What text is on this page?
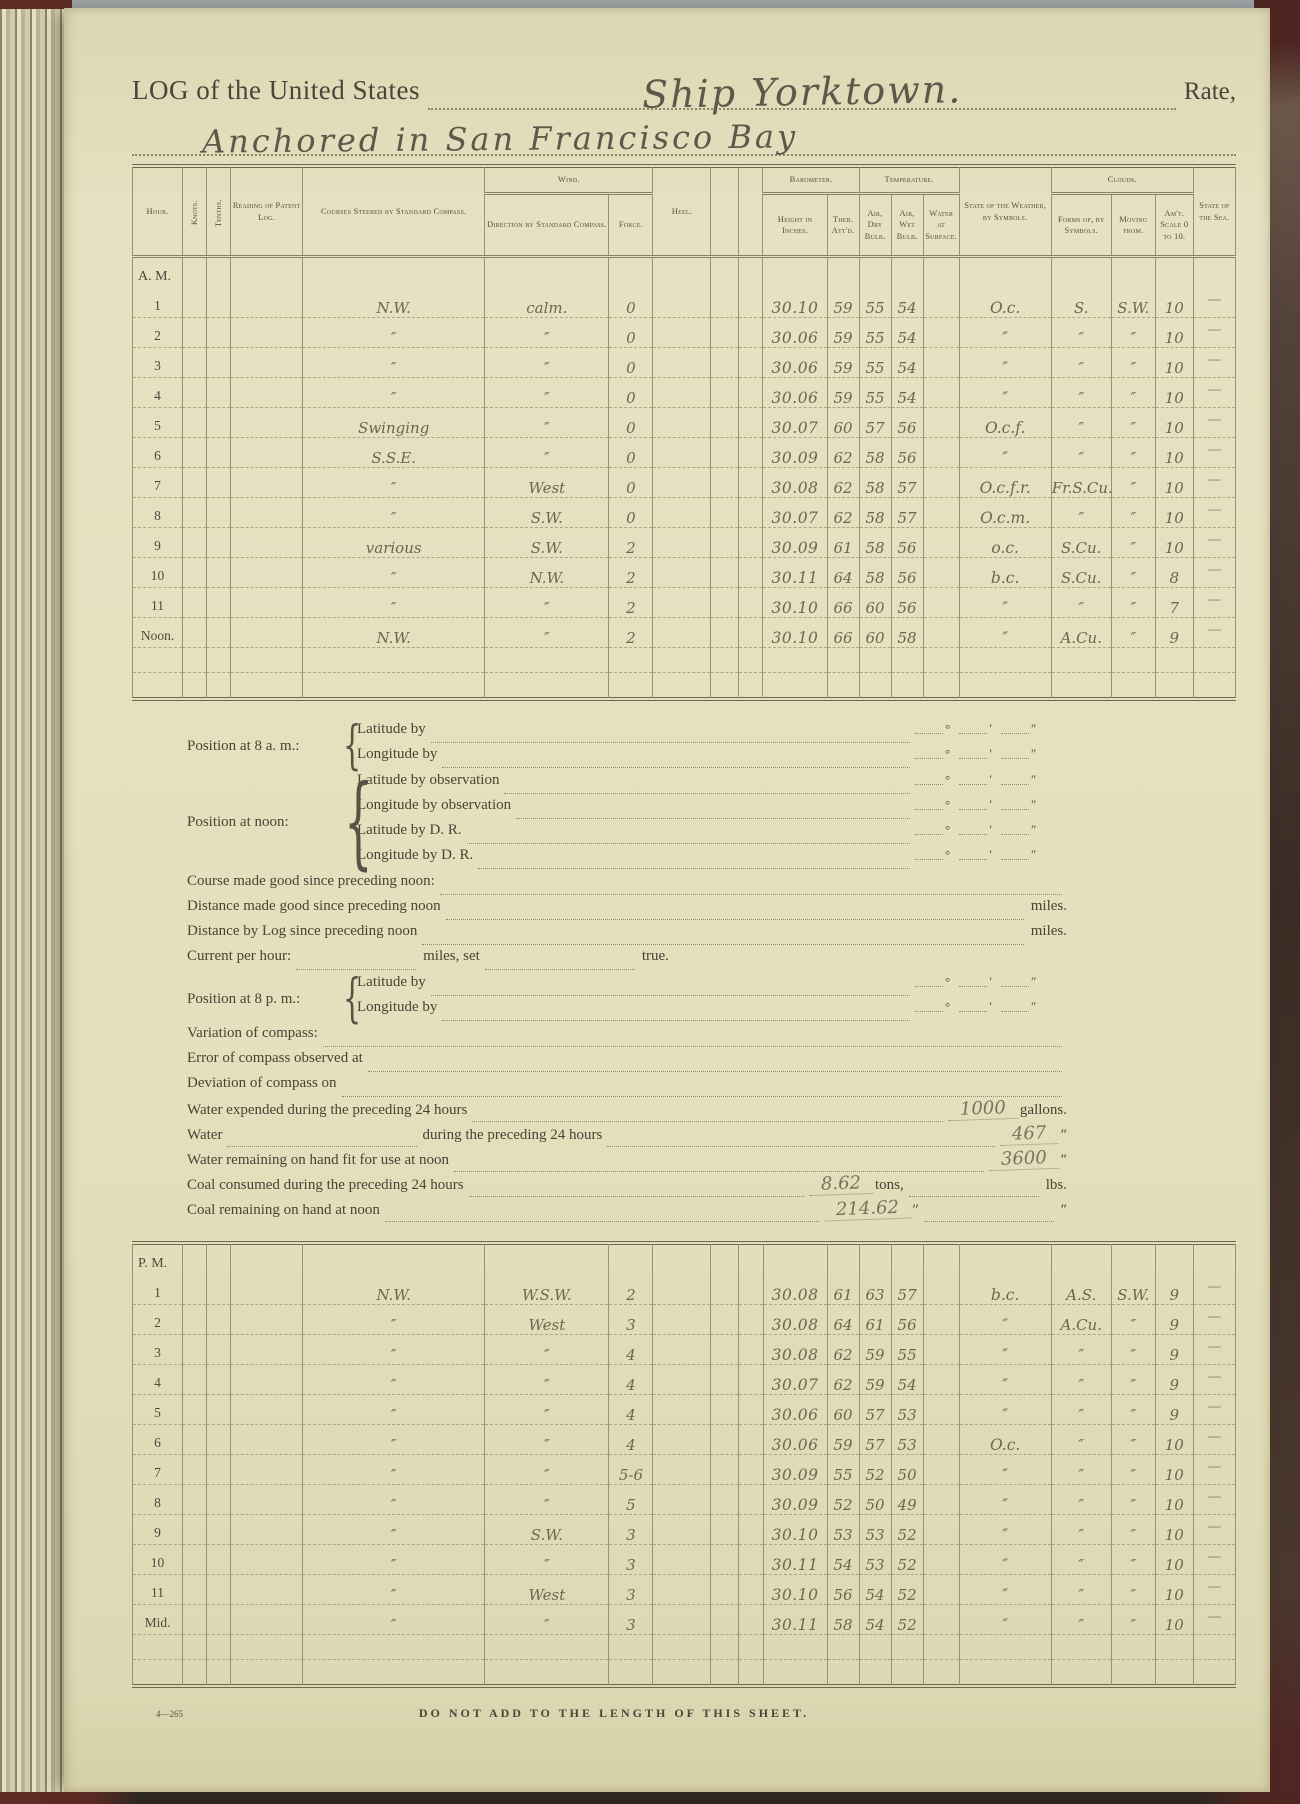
LOG of the United States	Ship Yorktown.	Rate,
Anchored in San Francisco Bay
Hour.	Knots.	Tenths.	Reading of Patent Log.	Courses Steered by Standard Compass.	Wind.		Heel.			Barometer.		Temperature.			State of the Weather, by Symbols.	Clouds.			State of the Sea.
					Direction by Standard Compass.	Force.				Height in Inches.	Ther. Att'd.	Air, Dry Bulb.	Air, Wet Bulb.	Water at Surface.		Forms of, by Symbols.	Moving from.	Am't. Scale 0 to 10.	
A. M.																			
1				N.W.	calm.	0				30.10	59	55	54		O.c.	S.	S.W.	10	—
2				″	″	0				30.06	59	55	54		″	″	″	10	—
3				″	″	0				30.06	59	55	54		″	″	″	10	—
4				″	″	0				30.06	59	55	54		″	″	″	10	—
5				Swinging	″	0				30.07	60	57	56		O.c.f.	″	″	10	—
6				S.S.E.	″	0				30.09	62	58	56		″	″	″	10	—
7				″	West	0				30.08	62	58	57		O.c.f.r.	Fr.S.Cu.	″	10	—
8				″	S.W.	0				30.07	62	58	57		O.c.m.	″	″	10	—
9				various	S.W.	2				30.09	61	58	56		o.c.	S.Cu.	″	10	—
10				″	N.W.	2				30.11	64	58	56		b.c.	S.Cu.	″	8	—
11				″	″	2				30.10	66	60	56		″	″	″	7	—
Noon.				N.W.	″	2				30.10	66	60	58		″	A.Cu.	″	9	—

Position at 8 a. m.: {
Latitude by	°	′	″
Longitude by	°	′	″
Position at noon: {
Latitude by observation	°	′	″
Longitude by observation	°	′	″
Latitude by D. R.	°	′	″
Longitude by D. R.	°	′	″
Course made good since preceding noon:
Distance made good since preceding noon	miles.
Distance by Log since preceding noon	miles.
Current per hour:	miles, set	true.
Position at 8 p. m.: {
Latitude by	°	′	″
Longitude by	°	′	″
Variation of compass:
Error of compass observed at
Deviation of compass on
Water expended during the preceding 24 hours	1000 gallons.
Water	during the preceding 24 hours	467 ″
Water remaining on hand fit for use at noon	3600 ″
Coal consumed during the preceding 24 hours	8.62 tons,	lbs.
Coal remaining on hand at noon	214.62 ″	″
P. M.																			
1				N.W.	W.S.W.	2				30.08	61	63	57		b.c.	A.S.	S.W.	9	—
2				″	West	3				30.08	64	61	56		″	A.Cu.	″	9	—
3				″	″	4				30.08	62	59	55		″	″	″	9	—
4				″	″	4				30.07	62	59	54		″	″	″	9	—
5				″	″	4				30.06	60	57	53		″	″	″	9	—
6				″	″	4				30.06	59	57	53		O.c.	″	″	10	—
7				″	″	5-6				30.09	55	52	50		″	″	″	10	—
8				″	″	5				30.09	52	50	49		″	″	″	10	—
9				″	S.W.	3				30.10	53	53	52		″	″	″	10	—
10				″	″	3				30.11	54	53	52		″	″	″	10	—
11				″	West	3				30.10	56	54	52		″	″	″	10	—
Mid.				″	″	3				30.11	58	54	52		″	″	″	10	—

4—265	DO NOT ADD TO THE LENGTH OF THIS SHEET.
